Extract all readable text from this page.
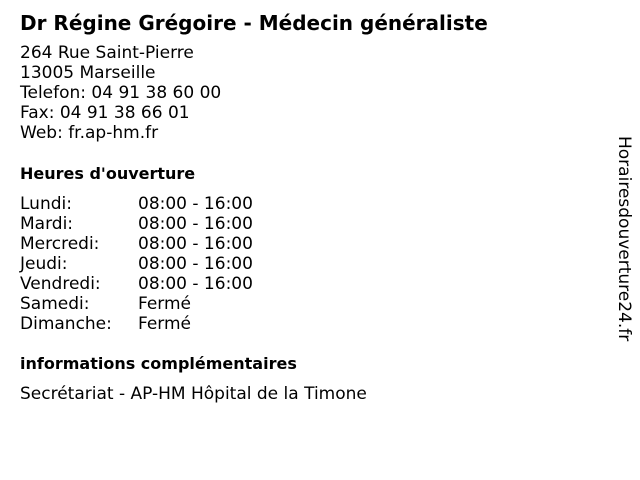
Dr Régine Grégoire - Médecin généraliste
264 Rue Saint-Pierre
13005 Marseille
Telefon: 04 91 38 60 00
Fax: 04 91 38 66 01
Web: fr.ap-hm.fr
Heures d'ouverture
Lundi:	08:00 - 16:00
Mardi:	08:00 - 16:00
Mercredi: 08:00 - 16:00
Jeudi:	08:00 - 16:00
Vendredi: 08:00 - 16:00
Samedi:	Fermé
Dimanche: Fermé
informations complémentaires
Secrétariat - AP-HM Hôpital de la Timone
Horairesdouverture24.fr
